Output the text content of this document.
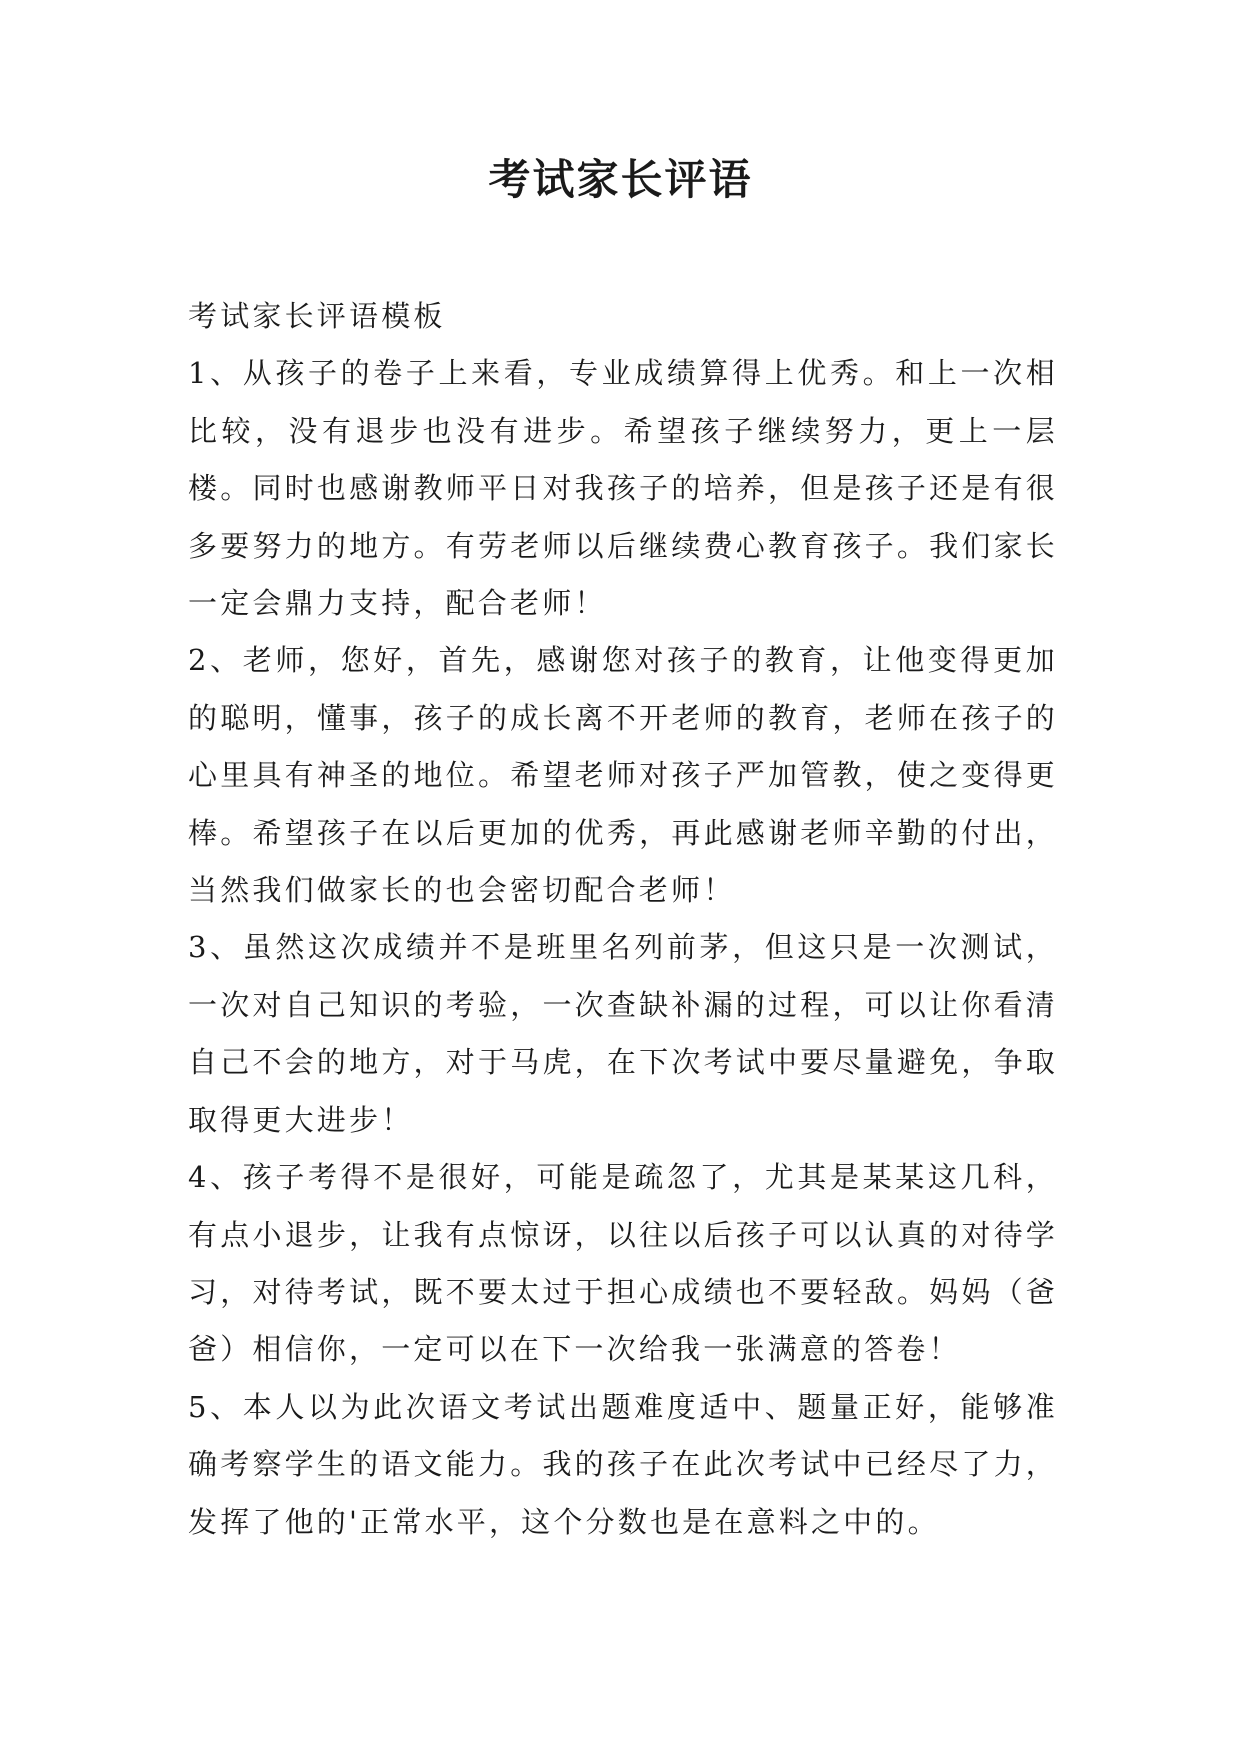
考试家长评语

考试家长评语模板

1、从孩子的卷子上来看，专业成绩算得上优秀。和上一次相比较，没有退步也没有进步。希望孩子继续努力，更上一层楼。同时也感谢教师平日对我孩子的培养，但是孩子还是有很多要努力的地方。有劳老师以后继续费心教育孩子。我们家长一定会鼎力支持，配合老师！

2、老师，您好，首先，感谢您对孩子的教育，让他变得更加的聪明，懂事，孩子的成长离不开老师的教育，老师在孩子的心里具有神圣的地位。希望老师对孩子严加管教，使之变得更棒。希望孩子在以后更加的优秀，再此感谢老师辛勤的付出，当然我们做家长的也会密切配合老师！

3、虽然这次成绩并不是班里名列前茅，但这只是一次测试，一次对自己知识的考验，一次查缺补漏的过程，可以让你看清自己不会的地方，对于马虎，在下次考试中要尽量避免，争取取得更大进步！

4、孩子考得不是很好，可能是疏忽了，尤其是某某这几科，有点小退步，让我有点惊讶，以往以后孩子可以认真的对待学习，对待考试，既不要太过于担心成绩也不要轻敌。妈妈（爸爸）相信你，一定可以在下一次给我一张满意的答卷！

5、本人以为此次语文考试出题难度适中、题量正好，能够准确考察学生的语文能力。我的孩子在此次考试中已经尽了力，发挥了他的'正常水平，这个分数也是在意料之中的。
